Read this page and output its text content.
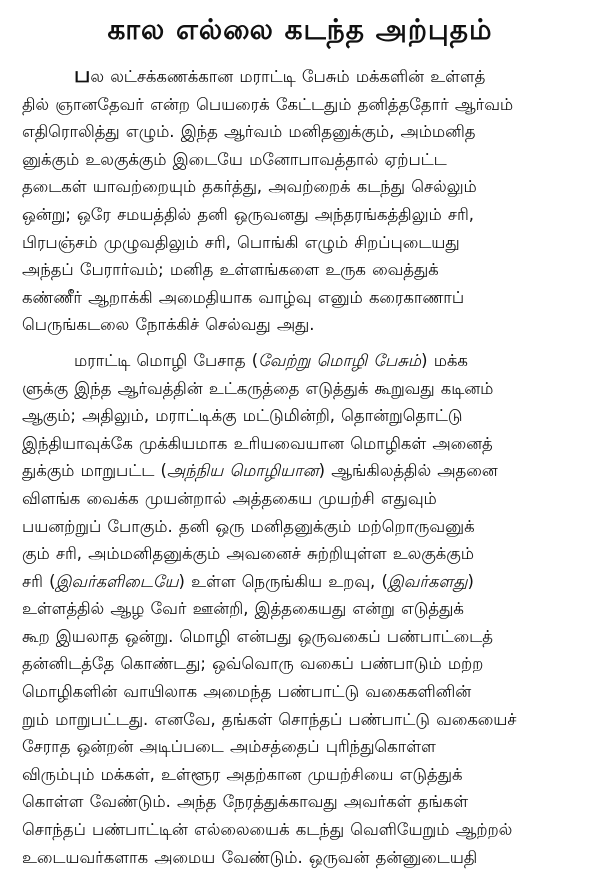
கால எல்லை கடந்த அற்புதம்

பல லட்சக்கணக்கான மராட்டி பேசும் மக்களின் உள்ளத்
தில் ஞானதேவர் என்ற பெயரைக் கேட்டதும் தனித்ததோர் ஆர்வம்
எதிரொலித்து எழும். இந்த ஆர்வம் மனிதனுக்கும், அம்மனித
னுக்கும் உலகுக்கும் இடையே மனோபாவத்தால் ஏற்பட்ட
தடைகள் யாவற்றையும் தகர்த்து, அவற்றைக் கடந்து செல்லும்
ஒன்று; ஒரே சமயத்தில் தனி ஒருவனது அந்தரங்கத்திலும் சரி,
பிரபஞ்சம் முழுவதிலும் சரி, பொங்கி எழும் சிறப்புடையது
அந்தப் பேரார்வம்; மனித உள்ளங்களை உருக வைத்துக்
கண்ணீர் ஆறாக்கி அமைதியாக வாழ்வு எனும் கரைகாணாப்
பெருங்கடலை நோக்கிச் செல்வது அது.

மராட்டி மொழி பேசாத (வேற்று மொழி பேசும்) மக்க
ளுக்கு இந்த ஆர்வத்தின் உட்கருத்தை எடுத்துக் கூறுவது கடினம்
ஆகும்; அதிலும், மராட்டிக்கு மட்டுமின்றி, தொன்றுதொட்டு
இந்தியாவுக்கே முக்கியமாக உரியவையான மொழிகள் அனைத்
துக்கும் மாறுபட்ட (அந்நிய மொழியான) ஆங்கிலத்தில் அதனை
விளங்க வைக்க முயன்றால் அத்தகைய முயற்சி எதுவும்
பயனற்றுப் போகும். தனி ஒரு மனிதனுக்கும் மற்றொருவனுக்
கும் சரி, அம்மனிதனுக்கும் அவனைச் சுற்றியுள்ள உலகுக்கும்
சரி (இவர்களிடையே) உள்ள நெருங்கிய உறவு, (இவர்களது)
உள்ளத்தில் ஆழ வேர் ஊன்றி, இத்தகையது என்று எடுத்துக்
கூற இயலாத ஒன்று. மொழி என்பது ஒருவகைப் பண்பாட்டைத்
தன்னிடத்தே கொண்டது; ஒவ்வொரு வகைப் பண்பாடும் மற்ற
மொழிகளின் வாயிலாக அமைந்த பண்பாட்டு வகைகளினின்
றும் மாறுபட்டது. எனவே, தங்கள் சொந்தப் பண்பாட்டு வகையைச்
சேராத ஒன்றன் அடிப்படை அம்சத்தைப் புரிந்துகொள்ள
விரும்பும் மக்கள், உள்ளூர அதற்கான முயற்சியை எடுத்துக்
கொள்ள வேண்டும். அந்த நேரத்துக்காவது அவர்கள் தங்கள்
சொந்தப் பண்பாட்டின் எல்லையைக் கடந்து வெளியேறும் ஆற்றல்
உடையவர்களாக அமைய வேண்டும். ஒருவன் தன்னுடையதி
